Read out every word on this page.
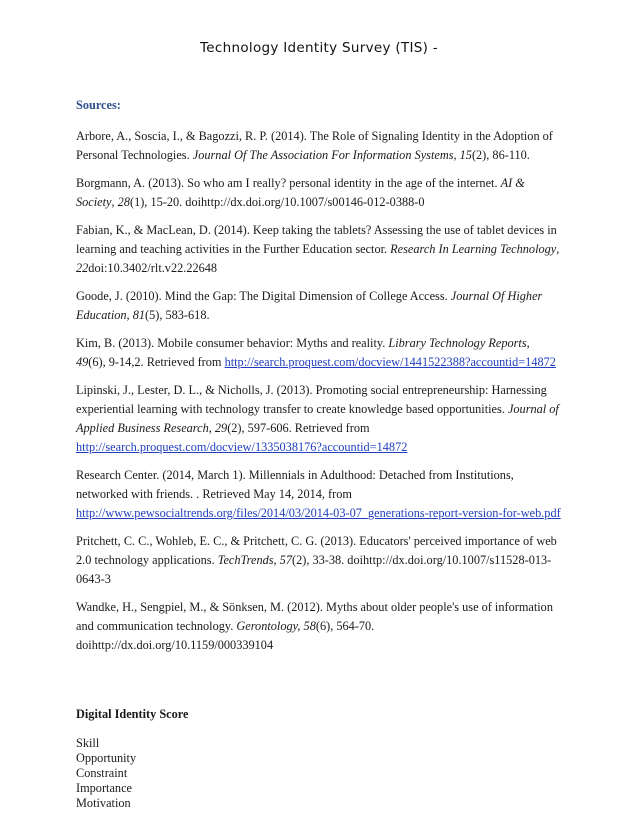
Technology Identity Survey (TIS) -
Sources:

Arbore, A., Soscia, I., & Bagozzi, R. P. (2014). The Role of Signaling Identity in the Adoption of Personal Technologies. Journal Of The Association For Information Systems, 15(2), 86-110.

Borgmann, A. (2013). So who am I really? personal identity in the age of the internet. AI & Society, 28(1), 15-20. doihttp://dx.doi.org/10.1007/s00146-012-0388-0

Fabian, K., & MacLean, D. (2014). Keep taking the tablets? Assessing the use of tablet devices in learning and teaching activities in the Further Education sector. Research In Learning Technology, 22doi:10.3402/rlt.v22.22648

Goode, J. (2010). Mind the Gap: The Digital Dimension of College Access. Journal Of Higher Education, 81(5), 583-618.

Kim, B. (2013). Mobile consumer behavior: Myths and reality. Library Technology Reports, 49(6), 9-14,2. Retrieved from http://search.proquest.com/docview/1441522388?accountid=14872

Lipinski, J., Lester, D. L., & Nicholls, J. (2013). Promoting social entrepreneurship: Harnessing experiential learning with technology transfer to create knowledge based opportunities. Journal of Applied Business Research, 29(2), 597-606. Retrieved from http://search.proquest.com/docview/1335038176?accountid=14872

Research Center. (2014, March 1). Millennials in Adulthood: Detached from Institutions, networked with friends. . Retrieved May 14, 2014, from http://www.pewsocialtrends.org/files/2014/03/2014-03-07_generations-report-version-for-web.pdf

Pritchett, C. C., Wohleb, E. C., & Pritchett, C. G. (2013). Educators' perceived importance of web 2.0 technology applications. TechTrends, 57(2), 33-38. doihttp://dx.doi.org/10.1007/s11528-013-0643-3

Wandke, H., Sengpiel, M., & Sönksen, M. (2012). Myths about older people's use of information and communication technology. Gerontology, 58(6), 564-70. doihttp://dx.doi.org/10.1159/000339104

Digital Identity Score
Skill
Opportunity
Constraint
Importance
Motivation
